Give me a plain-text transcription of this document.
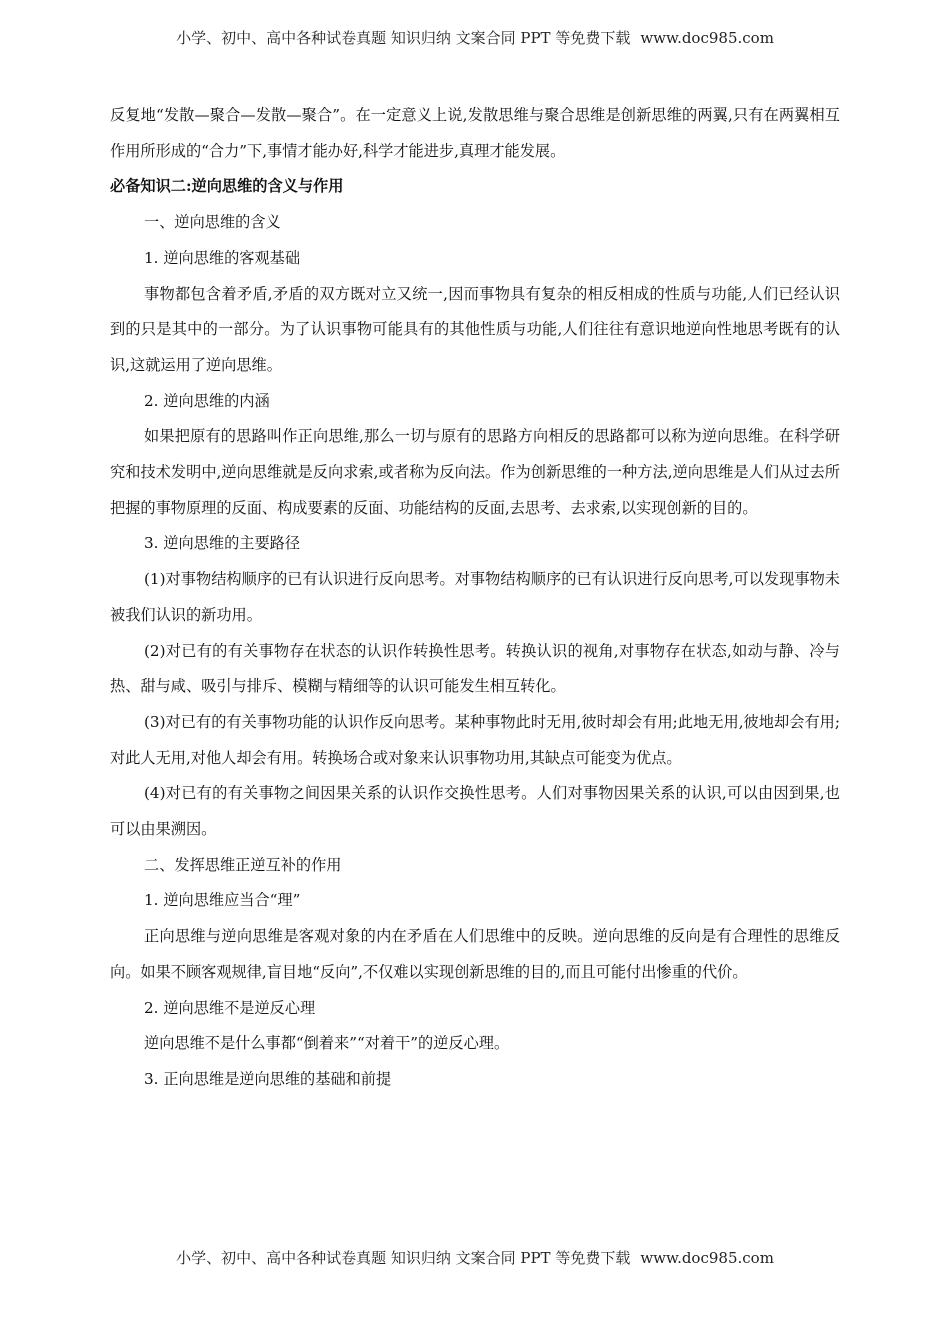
小学、初中、高中各种试卷真题 知识归纳 文案合同 PPT 等免费下载 www.doc985.com

反复地“发散—聚合—发散—聚合”。在一定意义上说,发散思维与聚合思维是创新思维的两翼,只有在两翼相互作用所形成的“合力”下,事情才能办好,科学才能进步,真理才能发展。

必备知识二:逆向思维的含义与作用

一、逆向思维的含义

1. 逆向思维的客观基础

事物都包含着矛盾,矛盾的双方既对立又统一,因而事物具有复杂的相反相成的性质与功能,人们已经认识到的只是其中的一部分。为了认识事物可能具有的其他性质与功能,人们往往有意识地逆向性地思考既有的认识,这就运用了逆向思维。

2. 逆向思维的内涵

如果把原有的思路叫作正向思维,那么一切与原有的思路方向相反的思路都可以称为逆向思维。在科学研究和技术发明中,逆向思维就是反向求索,或者称为反向法。作为创新思维的一种方法,逆向思维是人们从过去所把握的事物原理的反面、构成要素的反面、功能结构的反面,去思考、去求索,以实现创新的目的。

3. 逆向思维的主要路径

(1)对事物结构顺序的已有认识进行反向思考。对事物结构顺序的已有认识进行反向思考,可以发现事物未被我们认识的新功用。

(2)对已有的有关事物存在状态的认识作转换性思考。转换认识的视角,对事物存在状态,如动与静、冷与热、甜与咸、吸引与排斥、模糊与精细等的认识可能发生相互转化。

(3)对已有的有关事物功能的认识作反向思考。某种事物此时无用,彼时却会有用;此地无用,彼地却会有用;对此人无用,对他人却会有用。转换场合或对象来认识事物功用,其缺点可能变为优点。

(4)对已有的有关事物之间因果关系的认识作交换性思考。人们对事物因果关系的认识,可以由因到果,也可以由果溯因。

二、发挥思维正逆互补的作用

1. 逆向思维应当合“理”

正向思维与逆向思维是客观对象的内在矛盾在人们思维中的反映。逆向思维的反向是有合理性的思维反向。如果不顾客观规律,盲目地“反向”,不仅难以实现创新思维的目的,而且可能付出惨重的代价。

2. 逆向思维不是逆反心理

逆向思维不是什么事都“倒着来”“对着干”的逆反心理。

3. 正向思维是逆向思维的基础和前提

小学、初中、高中各种试卷真题 知识归纳 文案合同 PPT 等免费下载 www.doc985.com
